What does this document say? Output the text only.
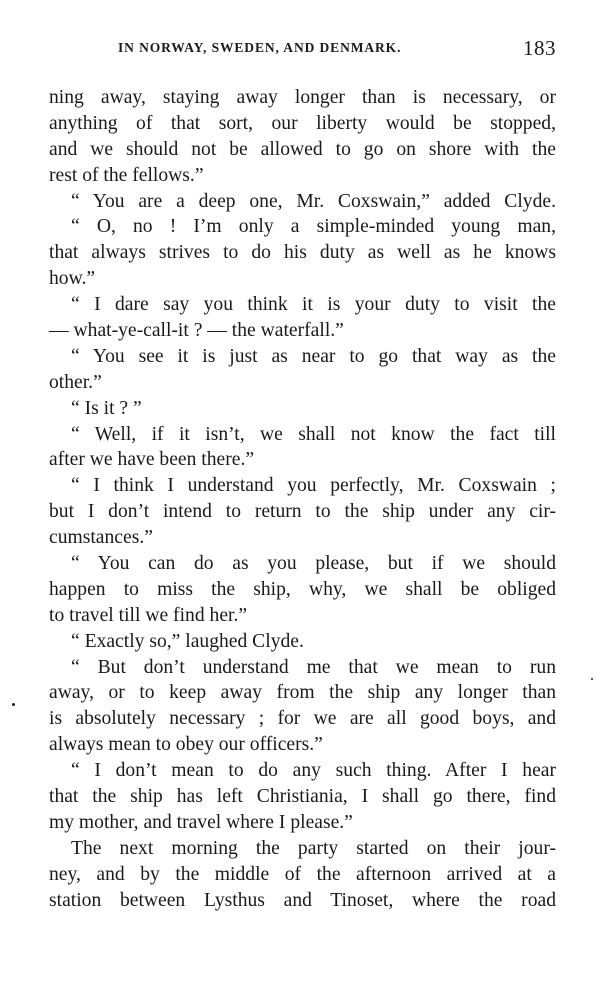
IN NORWAY, SWEDEN, AND DENMARK.	183
ning away, staying away longer than is necessary, or
anything of that sort, our liberty would be stopped,
and we should not be allowed to go on shore with the
rest of the fellows.”
“ You are a deep one, Mr. Coxswain,” added Clyde.
“ O, no ! I’m only a simple-minded young man,
that always strives to do his duty as well as he knows
how.”
“ I dare say you think it is your duty to visit the
— what-ye-call-it ? — the waterfall.”
“ You see it is just as near to go that way as the
other.”
“ Is it ? ”
“ Well, if it isn’t, we shall not know the fact till
after we have been there.”
“ I think I understand you perfectly, Mr. Coxswain ;
but I don’t intend to return to the ship under any cir-
cumstances.”
“ You can do as you please, but if we should
happen to miss the ship, why, we shall be obliged
to travel till we find her.”
“ Exactly so,” laughed Clyde.
“ But don’t understand me that we mean to run
away, or to keep away from the ship any longer than
is absolutely necessary ; for we are all good boys, and
always mean to obey our officers.”
“ I don’t mean to do any such thing. After I hear
that the ship has left Christiania, I shall go there, find
my mother, and travel where I please.”
The next morning the party started on their jour-
ney, and by the middle of the afternoon arrived at a
station between Lysthus and Tinoset, where the road
